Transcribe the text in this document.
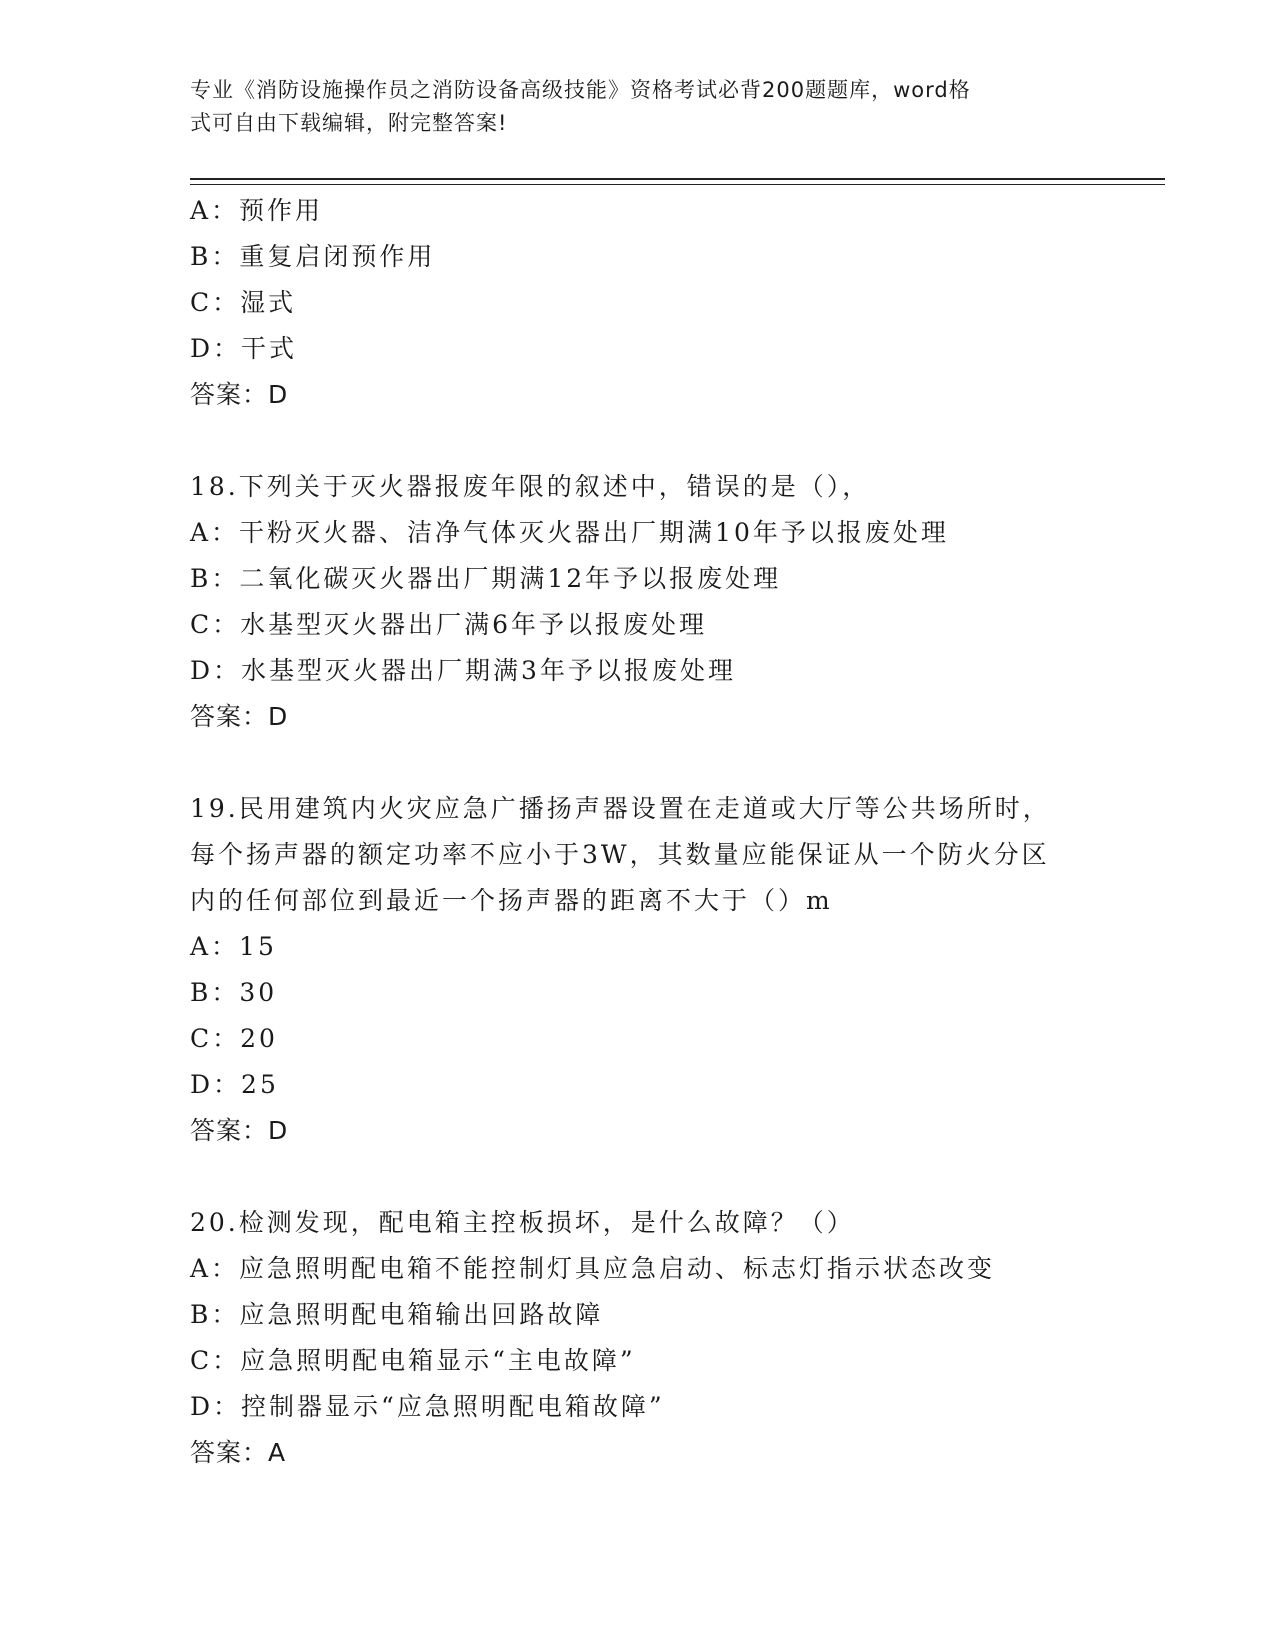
专业《消防设施操作员之消防设备高级技能》资格考试必背200题题库，word格
式可自由下载编辑，附完整答案!
A：预作用
B：重复启闭预作用
C：湿式
D：干式
答案：D
18.下列关于灭火器报废年限的叙述中，错误的是（），
A：干粉灭火器、洁净气体灭火器出厂期满10年予以报废处理
B：二氧化碳灭火器出厂期满12年予以报废处理
C：水基型灭火器出厂满6年予以报废处理
D：水基型灭火器出厂期满3年予以报废处理
答案：D
19.民用建筑内火灾应急广播扬声器设置在走道或大厅等公共场所时，
每个扬声器的额定功率不应小于3W，其数量应能保证从一个防火分区
内的任何部位到最近一个扬声器的距离不大于（）m
A：15
B：30
C：20
D：25
答案：D
20.检测发现，配电箱主控板损坏，是什么故障？（）
A：应急照明配电箱不能控制灯具应急启动、标志灯指示状态改变
B：应急照明配电箱输出回路故障
C：应急照明配电箱显示“主电故障”
D：控制器显示“应急照明配电箱故障”
答案：A
